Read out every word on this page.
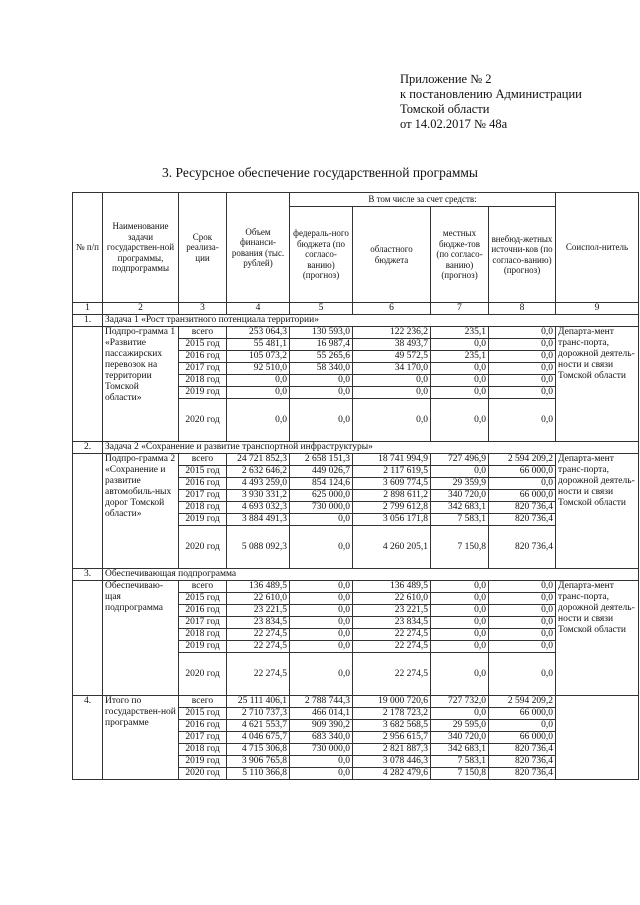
Приложение № 2
к постановлению Администрации
Томской области
от 14.02.2017 № 48а
3. Ресурсное обеспечение государственной программы
№ п/п	Наименование задачи государствен-ной программы, подпрограммы	Срок реализа-ции	Объем финанси-рования (тыс. рублей)	В том числе за счет средств:				Соиспол-нитель
				федераль-ного бюджета (по согласо-ванию) (прогноз)	областного бюджета	местных бюдже-тов (по согласо-ванию) (прогноз)	внебюд-жетных источни-ков (по согласо-ванию) (прогноз)	
1	2	3	4	5	6	7	8	9
1.	Задача 1 «Рост транзитного потенциала территории»							
	Подпро-грамма 1 «Развитие пассажирских перевозок на территории Томской области»	всего	253 064,3	130 593,0	122 236,2	235,1	0,0	Департа-мент транс-порта, дорожной деятель-ности и связи Томской области
		2015 год	55 481,1	16 987,4	38 493,7	0,0	0,0	
		2016 год	105 073,2	55 265,6	49 572,5	235,1	0,0	
		2017 год	92 510,0	58 340,0	34 170,0	0,0	0,0	
		2018 год	0,0	0,0	0,0	0,0	0,0	
		2019 год	0,0	0,0	0,0	0,0	0,0	
		2020 год	0,0	0,0	0,0	0,0	0,0	
2.	Задача 2 «Сохранение и развитие транспортной инфраструктуры»							
	Подпро-грамма 2 «Сохранение и развитие автомобиль-ных дорог Томской области»	всего	24 721 852,3	2 658 151,3	18 741 994,9	727 496,9	2 594 209,2	Департа-мент транс-порта, дорожной деятель-ности и связи Томской области
		2015 год	2 632 646,2	449 026,7	2 117 619,5	0,0	66 000,0	
		2016 год	4 493 259,0	854 124,6	3 609 774,5	29 359,9	0,0	
		2017 год	3 930 331,2	625 000,0	2 898 611,2	340 720,0	66 000,0	
		2018 год	4 693 032,3	730 000,0	2 799 612,8	342 683,1	820 736,4	
		2019 год	3 884 491,3	0,0	3 056 171,8	7 583,1	820 736,4	
		2020 год	5 088 092,3	0,0	4 260 205,1	7 150,8	820 736,4	
3.	Обеспечивающая подпрограмма							
	Обеспечиваю-щая подпрограмма	всего	136 489,5	0,0	136 489,5	0,0	0,0	Департа-мент транс-порта, дорожной деятель-ности и связи Томской области
		2015 год	22 610,0	0,0	22 610,0	0,0	0,0	
		2016 год	23 221,5	0,0	23 221,5	0,0	0,0	
		2017 год	23 834,5	0,0	23 834,5	0,0	0,0	
		2018 год	22 274,5	0,0	22 274,5	0,0	0,0	
		2019 год	22 274,5	0,0	22 274,5	0,0	0,0	
		2020 год	22 274,5	0,0	22 274,5	0,0	0,0	
4.	Итого по государствен-ной программе	всего	25 111 406,1	2 788 744,3	19 000 720,6	727 732,0	2 594 209,2	
		2015 год	2 710 737,3	466 014,1	2 178 723,2	0,0	66 000,0	
		2016 год	4 621 553,7	909 390,2	3 682 568,5	29 595,0	0,0	
		2017 год	4 046 675,7	683 340,0	2 956 615,7	340 720,0	66 000,0	
		2018 год	4 715 306,8	730 000,0	2 821 887,3	342 683,1	820 736,4	
		2019 год	3 906 765,8	0,0	3 078 446,3	7 583,1	820 736,4	
		2020 год	5 110 366,8	0,0	4 282 479,6	7 150,8	820 736,4	
